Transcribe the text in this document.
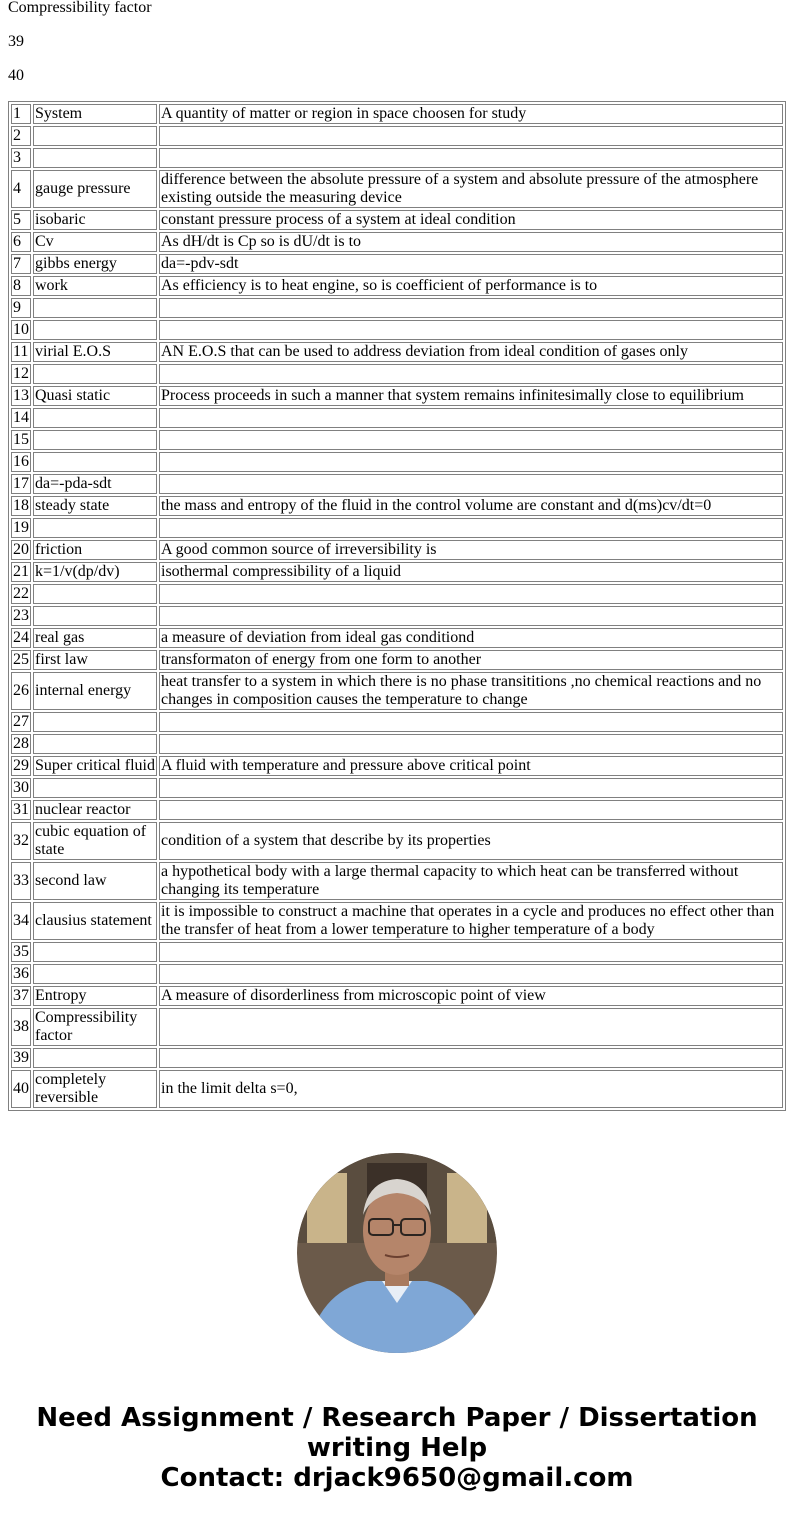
Compressibility factor

39

40

1	System	A quantity of matter or region in space choosen for study
2		
3		
4	gauge pressure	difference between the absolute pressure of a system and absolute pressure of the atmosphere existing outside the measuring device
5	isobaric	constant pressure process of a system at ideal condition
6	Cv	As dH/dt is Cp so is dU/dt is to
7	gibbs energy	da=-pdv-sdt
8	work	As efficiency is to heat engine, so is coefficient of performance is to
9		
10		
11	virial E.O.S	AN E.O.S that can be used to address deviation from ideal condition of gases only
12		
13	Quasi static	Process proceeds in such a manner that system remains infinitesimally close to equilibrium
14		
15		
16		
17	da=-pda-sdt	
18	steady state	the mass and entropy of the fluid in the control volume are constant and d(ms)cv/dt=0
19		
20	friction	A good common source of irreversibility is
21	k=1/v(dp/dv)	isothermal compressibility of a liquid
22		
23		
24	real gas	a measure of deviation from ideal gas conditiond
25	first law	transformaton of energy from one form to another
26	internal energy	heat transfer to a system in which there is no phase transititions ,no chemical reactions and no changes in composition causes the temperature to change
27		
28		
29	Super critical fluid	A fluid with temperature and pressure above critical point
30		
31	nuclear reactor	
32	cubic equation of state	condition of a system that describe by its properties
33	second law	a hypothetical body with a large thermal capacity to which heat can be transferred without changing its temperature
34	clausius statement	it is impossible to construct a machine that operates in a cycle and produces no effect other than the transfer of heat from a lower temperature to higher temperature of a body
35		
36		
37	Entropy	A measure of disorderliness from microscopic point of view
38	Compressibility factor	
39		
40	completely reversible	in the limit delta s=0,
Need Assignment / Research Paper / Dissertation
writing Help
Contact: drjack9650@gmail.com
